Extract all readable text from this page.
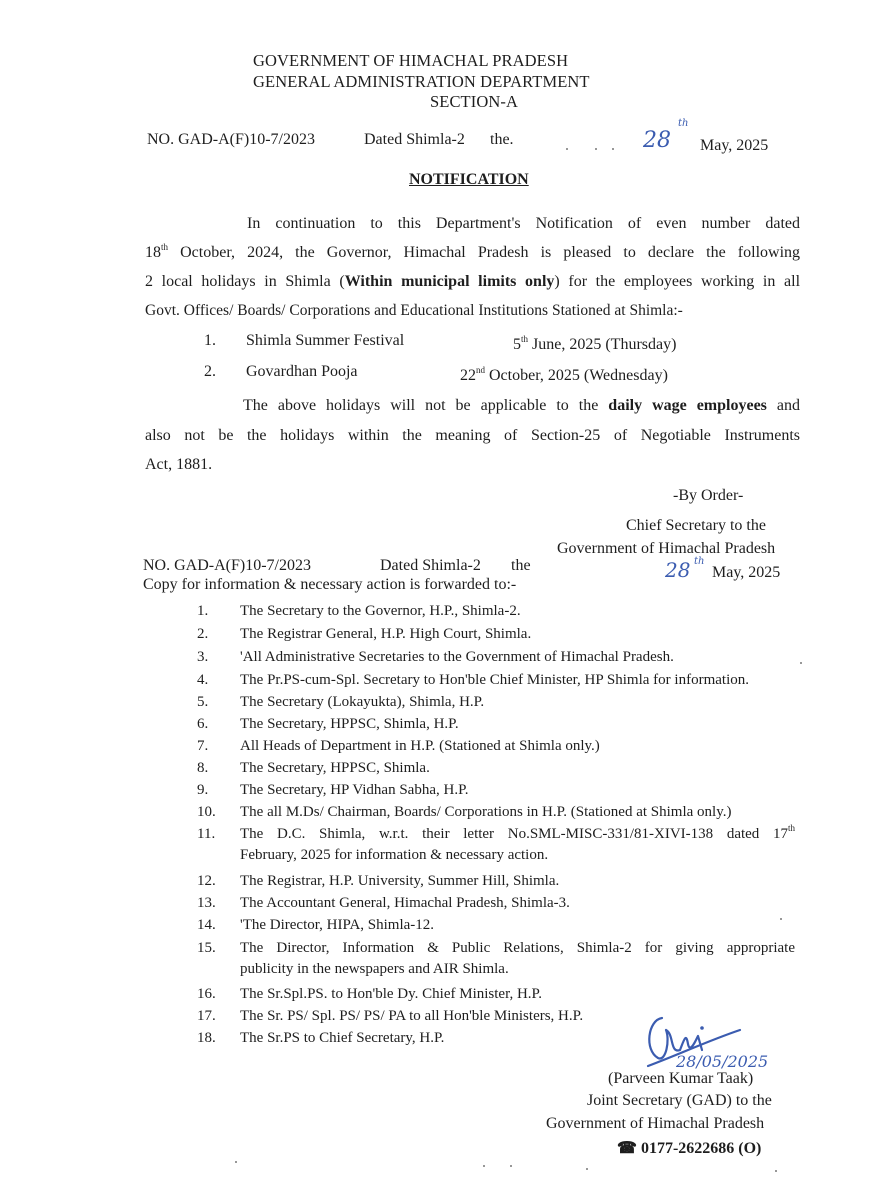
GOVERNMENT OF HIMACHAL PRADESH
GENERAL ADMINISTRATION DEPARTMENT
SECTION-A
NO. GAD-A(F)10-7/2023	Dated Shimla-2 the.	28
th
May, 2025
NOTIFICATION
In continuation to this Department's Notification of even number dated
18th October, 2024, the Governor, Himachal Pradesh is pleased to declare the following
2 local holidays in Shimla (Within municipal limits only) for the employees working in all
Govt. Offices/ Boards/ Corporations and Educational Institutions Stationed at Shimla:-
1. Shimla Summer Festival	5th June, 2025 (Thursday)
2. Govardhan Pooja	22nd October, 2025 (Wednesday)
The above holidays will not be applicable to the daily wage employees and
also not be the holidays within the meaning of Section-25 of Negotiable Instruments
Act, 1881.
-By Order-
Chief Secretary to the
Government of Himachal Pradesh
NO. GAD-A(F)10-7/2023	Dated Shimla-2 the	28 th
May, 2025
Copy for information & necessary action is forwarded to:-
1. The Secretary to the Governor, H.P., Shimla-2.
2. The Registrar General, H.P. High Court, Shimla.
3. 'All Administrative Secretaries to the Government of Himachal Pradesh.
4. The Pr.PS-cum-Spl. Secretary to Hon'ble Chief Minister, HP Shimla for information.
5. The Secretary (Lokayukta), Shimla, H.P.
6. The Secretary, HPPSC, Shimla, H.P.
7. All Heads of Department in H.P. (Stationed at Shimla only.)
8. The Secretary, HPPSC, Shimla.
9. The Secretary, HP Vidhan Sabha, H.P.
10. The all M.Ds/ Chairman, Boards/ Corporations in H.P. (Stationed at Shimla only.)
11. The D.C. Shimla, w.r.t. their letter No.SML-MISC-331/81-XIVI-138 dated 17th
February, 2025 for information & necessary action.
12. The Registrar, H.P. University, Summer Hill, Shimla.
13. The Accountant General, Himachal Pradesh, Shimla-3.
14. 'The Director, HIPA, Shimla-12.
15. The Director, Information & Public Relations, Shimla-2 for giving appropriate
publicity in the newspapers and AIR Shimla.
16. The Sr.Spl.PS. to Hon'ble Dy. Chief Minister, H.P.
17. The Sr. PS/ Spl. PS/ PS/ PA to all Hon'ble Ministers, H.P.
18. The Sr.PS to Chief Secretary, H.P.
28/05/2025
(Parveen Kumar Taak)
Joint Secretary (GAD) to the
Government of Himachal Pradesh
☎ 0177-2622686 (O)
